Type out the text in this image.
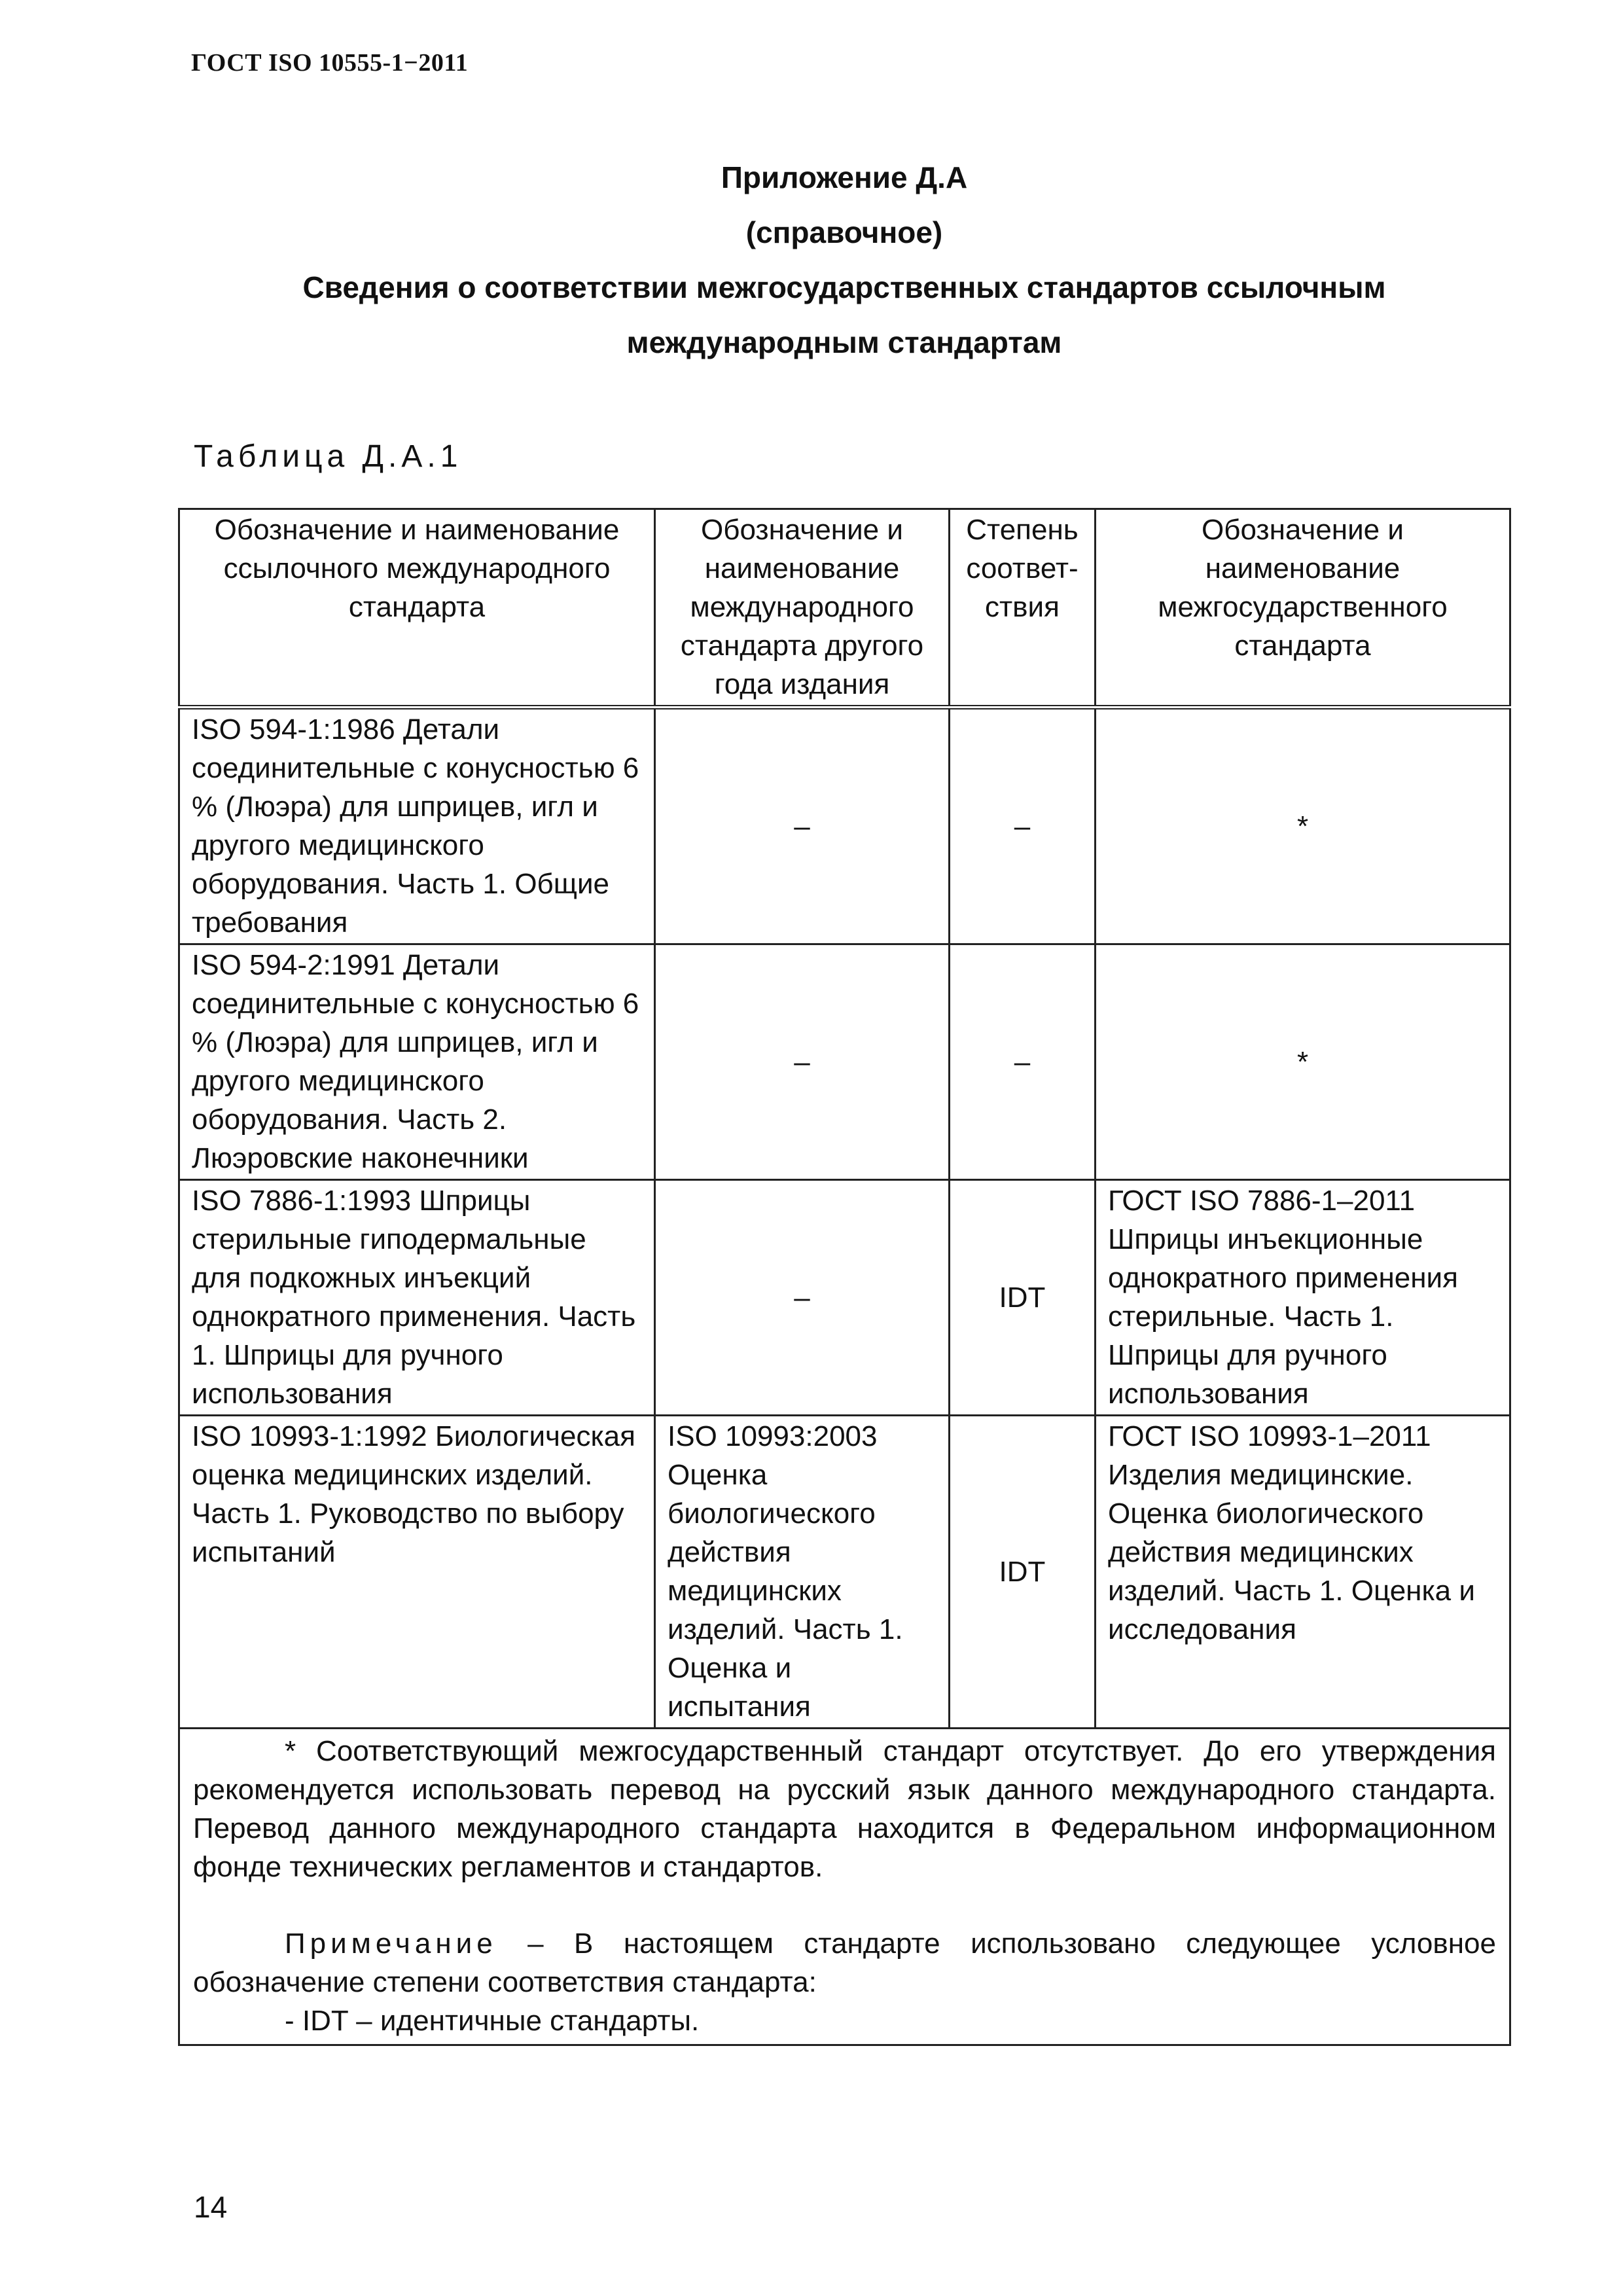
ГОСТ ISO 10555-1−2011
Приложение Д.А
(справочное)
Сведения о соответствии межгосударственных стандартов ссылочным
международным стандартам
Таблица Д.А.1
Обозначение и наименование ссылочного международного стандарта	Обозначение и наименование международного стандарта другого года издания	Степень соответ-ствия	Обозначение и наименование межгосударственного стандарта
ISO 594-1:1986 Детали соединительные с конусностью 6 % (Люэра) для шприцев, игл и другого медицинского оборудования. Часть 1. Общие требования	–	–	*
ISO 594-2:1991 Детали соединительные с конусностью 6 % (Люэра) для шприцев, игл и другого медицинского оборудования. Часть 2. Люэровские наконечники	–	–	*
ISO 7886-1:1993 Шприцы стерильные гиподермальные для подкожных инъекций однократного применения. Часть 1. Шприцы для ручного использования	–	IDT	ГОСТ ISO 7886-1–2011 Шприцы инъекционные однократного применения стерильные. Часть 1. Шприцы для ручного использования
ISO 10993-1:1992 Биологическая оценка медицинских изделий. Часть 1. Руководство по выбору испытаний	ISO 10993:2003 Оценка биологического действия медицинских изделий. Часть 1. Оценка и испытания	IDT	ГОСТ ISO 10993-1–2011 Изделия медицинские. Оценка биологического действия медицинских изделий. Часть 1. Оценка и исследования

* Соответствующий межгосударственный стандарт отсутствует. До его утверждения рекомендуется использовать перевод на русский язык данного международного стандарта. Перевод данного международного стандарта находится в Федеральном информационном фонде технических регламентов и стандартов.
Примечание – В настоящем стандарте использовано следующее условное обозначение степени соответствия стандарта:
- IDT – идентичные стандарты.			
14
